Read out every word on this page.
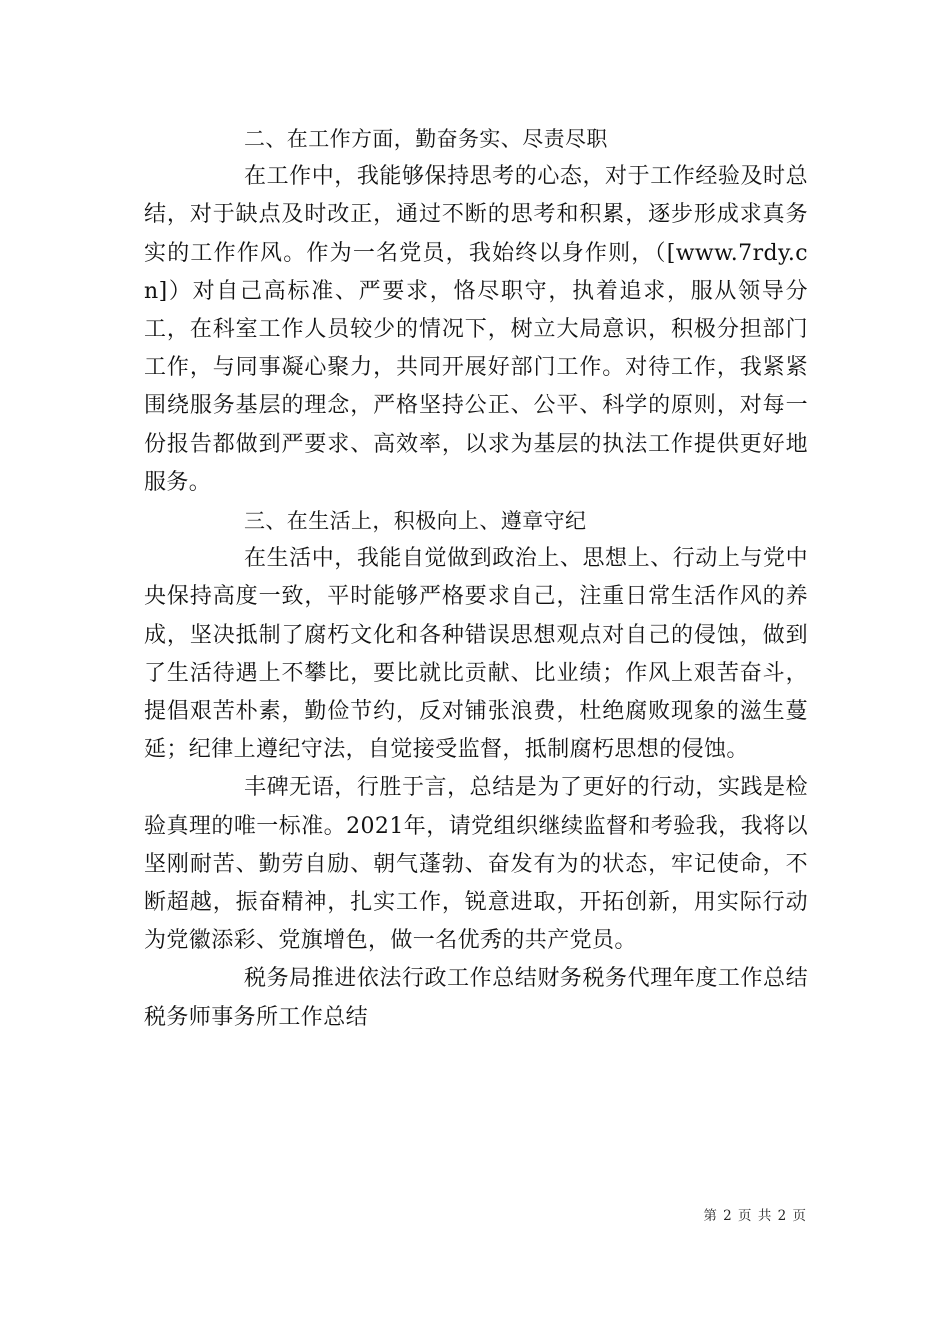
二、在工作方面，勤奋务实、尽责尽职

在工作中，我能够保持思考的心态，对于工作经验及时总结，对于缺点及时改正，通过不断的思考和积累，逐步形成求真务实的工作作风。作为一名党员，我始终以身作则，（[www.7rdy.cn]）对自己高标准、严要求，恪尽职守，执着追求，服从领导分工，在科室工作人员较少的情况下，树立大局意识，积极分担部门工作，与同事凝心聚力，共同开展好部门工作。对待工作，我紧紧围绕服务基层的理念，严格坚持公正、公平、科学的原则，对每一份报告都做到严要求、高效率，以求为基层的执法工作提供更好地服务。

三、在生活上，积极向上、遵章守纪

在生活中，我能自觉做到政治上、思想上、行动上与党中央保持高度一致，平时能够严格要求自己，注重日常生活作风的养成，坚决抵制了腐朽文化和各种错误思想观点对自己的侵蚀，做到了生活待遇上不攀比，要比就比贡献、比业绩；作风上艰苦奋斗，提倡艰苦朴素，勤俭节约，反对铺张浪费，杜绝腐败现象的滋生蔓延；纪律上遵纪守法，自觉接受监督，抵制腐朽思想的侵蚀。

丰碑无语，行胜于言，总结是为了更好的行动，实践是检验真理的唯一标准。2021年，请党组织继续监督和考验我，我将以坚刚耐苦、勤劳自励、朝气蓬勃、奋发有为的状态，牢记使命，不断超越，振奋精神，扎实工作，锐意进取，开拓创新，用实际行动为党徽添彩、党旗增色，做一名优秀的共产党员。

税务局推进依法行政工作总结财务税务代理年度工作总结税务师事务所工作总结

第 2 页 共 2 页
